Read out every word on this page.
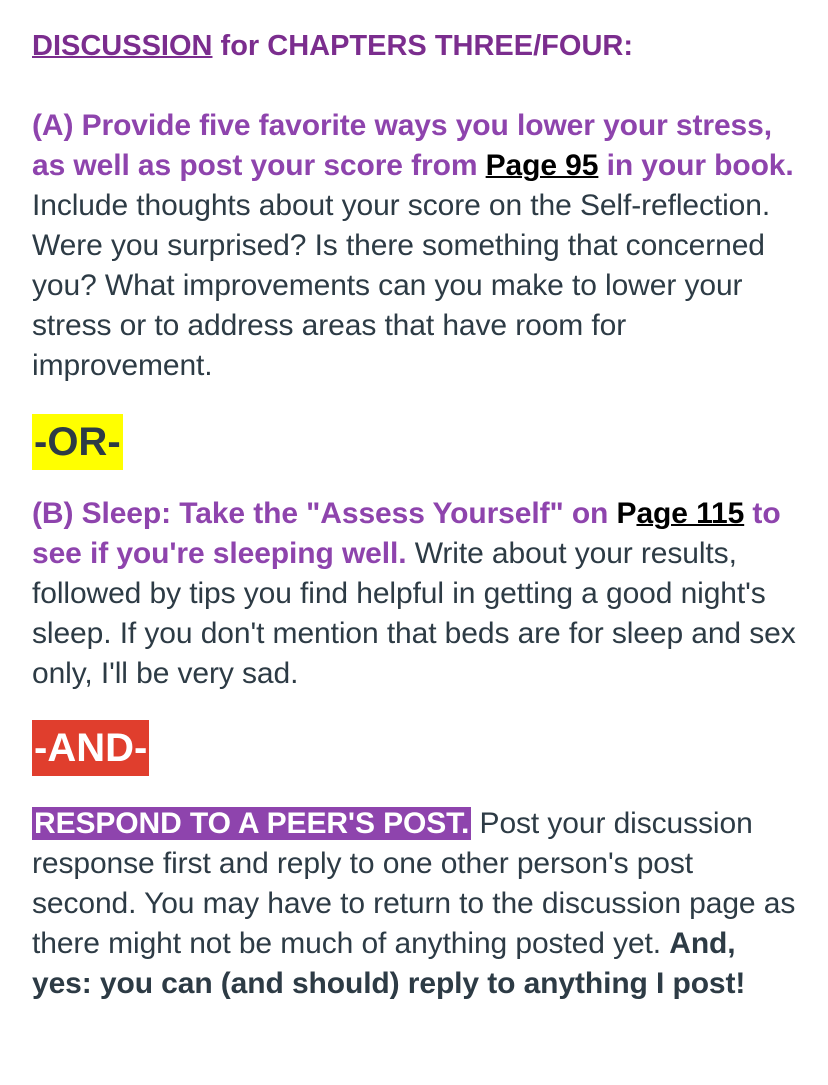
DISCUSSION for CHAPTERS THREE/FOUR:

(A) Provide five favorite ways you lower your stress, as well as post your score from Page 95 in your book. Include thoughts about your score on the Self-reflection. Were you surprised? Is there something that concerned you? What improvements can you make to lower your stress or to address areas that have room for improvement.

-OR-

(B) Sleep: Take the "Assess Yourself" on Page 115 to see if you're sleeping well. Write about your results, followed by tips you find helpful in getting a good night's sleep. If you don't mention that beds are for sleep and sex only, I'll be very sad.

-AND-

RESPOND TO A PEER'S POST. Post your discussion response first and reply to one other person's post second. You may have to return to the discussion page as there might not be much of anything posted yet. And, yes: you can (and should) reply to anything I post!
